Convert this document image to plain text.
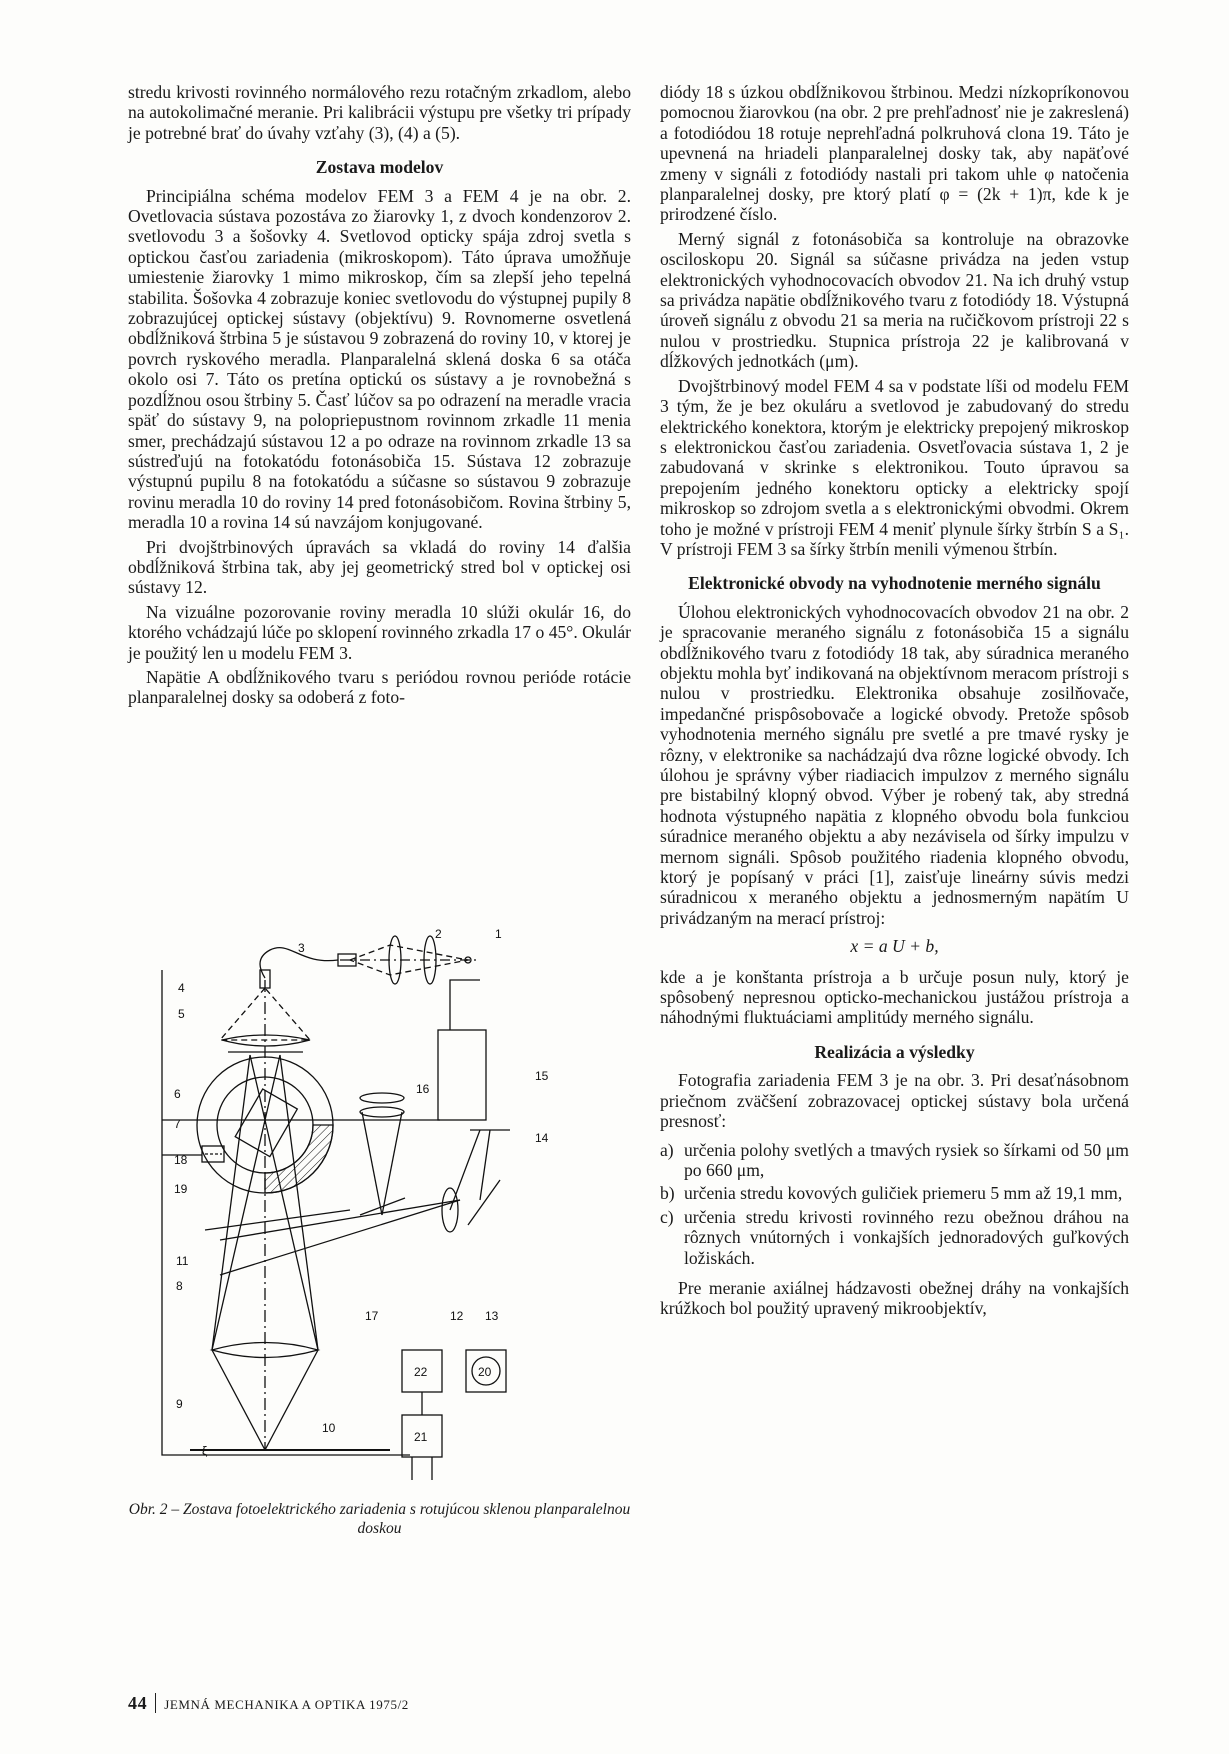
stredu krivosti rovinného normálového rezu rotačným zrkadlom, alebo na autokolimačné meranie. Pri kalibrácii výstupu pre všetky tri prípady je potrebné brať do úvahy vzťahy (3), (4) a (5).

Zostava modelov

Principiálna schéma modelov FEM 3 a FEM 4 je na obr. 2. Ovetlovacia sústava pozostáva zo žiarovky 1, z dvoch kondenzorov 2. svetlovodu 3 a šošovky 4. Svetlovod opticky spája zdroj svetla s optickou časťou zariadenia (mikroskopom). Táto úprava umožňuje umiestenie žiarovky 1 mimo mikroskop, čím sa zlepší jeho tepelná stabilita. Šošovka 4 zobrazuje koniec svetlovodu do výstupnej pupily 8 zobrazujúcej optickej sústavy (objektívu) 9. Rovnomerne osvetlená obdĺžniková štrbina 5 je sústavou 9 zobrazená do roviny 10, v ktorej je povrch ryskového meradla. Planparalelná sklená doska 6 sa otáča okolo osi 7. Táto os pretína optickú os sústavy a je rovnobežná s pozdĺžnou osou štrbiny 5. Časť lúčov sa po odrazení na meradle vracia späť do sústavy 9, na polopriepustnom rovinnom zrkadle 11 menia smer, prechádzajú sústavou 12 a po odraze na rovinnom zrkadle 13 sa sústreďujú na fotokatódu fotonásobiča 15. Sústava 12 zobrazuje výstupnú pupilu 8 na fotokatódu a súčasne so sústavou 9 zobrazuje rovinu meradla 10 do roviny 14 pred fotonásobičom. Rovina štrbiny 5, meradla 10 a rovina 14 sú navzájom konjugované.

Pri dvojštrbinových úpravách sa vkladá do roviny 14 ďalšia obdĺžniková štrbina tak, aby jej geometrický stred bol v optickej osi sústavy 12.

Na vizuálne pozorovanie roviny meradla 10 slúži okulár 16, do ktorého vchádzajú lúče po sklopení rovinného zrkadla 17 o 45°. Okulár je použitý len u modelu FEM 3.

Napätie A obdĺžnikového tvaru s periódou rovnou perióde rotácie planparalelnej dosky sa odoberá z foto-

1
2
3
4
5
6
7
8
9
10
11
12 13
14
15
16
17
18
19
20
21
22
ξ
Obr. 2 – Zostava fotoelektrického zariadenia s rotujúcou sklenou planparalelnou doskou

diódy 18 s úzkou obdĺžnikovou štrbinou. Medzi nízkopríkonovou pomocnou žiarovkou (na obr. 2 pre prehľadnosť nie je zakreslená) a fotodiódou 18 rotuje neprehľadná polkruhová clona 19. Táto je upevnená na hriadeli planparalelnej dosky tak, aby napäťové zmeny v signáli z fotodiódy nastali pri takom uhle φ natočenia planparalelnej dosky, pre ktorý platí φ = (2k + 1)π, kde k je prirodzené číslo.

Merný signál z fotonásobiča sa kontroluje na obrazovke osciloskopu 20. Signál sa súčasne privádza na jeden vstup elektronických vyhodnocovacích obvodov 21. Na ich druhý vstup sa privádza napätie obdĺžnikového tvaru z fotodiódy 18. Výstupná úroveň signálu z obvodu 21 sa meria na ručičkovom prístroji 22 s nulou v prostriedku. Stupnica prístroja 22 je kalibrovaná v dĺžkových jednotkách (μm).

Dvojštrbinový model FEM 4 sa v podstate líši od modelu FEM 3 tým, že je bez okuláru a svetlovod je zabudovaný do stredu elektrického konektora, ktorým je elektricky prepojený mikroskop s elektronickou časťou zariadenia. Osvetľovacia sústava 1, 2 je zabudovaná v skrinke s elektronikou. Touto úpravou sa prepojením jedného konektoru opticky a elektricky spojí mikroskop so zdrojom svetla a s elektronickými obvodmi. Okrem toho je možné v prístroji FEM 4 meniť plynule šírky štrbín S a S₁. V prístroji FEM 3 sa šírky štrbín menili výmenou štrbín.

Elektronické obvody na vyhodnotenie merného signálu

Úlohou elektronických vyhodnocovacích obvodov 21 na obr. 2 je spracovanie meraného signálu z fotonásobiča 15 a signálu obdĺžnikového tvaru z fotodiódy 18 tak, aby súradnica meraného objektu mohla byť indikovaná na objektívnom meracom prístroji s nulou v prostriedku. Elektronika obsahuje zosilňovače, impedančné prispôsobovače a logické obvody. Pretože spôsob vyhodnotenia merného signálu pre svetlé a pre tmavé rysky je rôzny, v elektronike sa nachádzajú dva rôzne logické obvody. Ich úlohou je správny výber riadiacich impulzov z merného signálu pre bistabilný klopný obvod. Výber je robený tak, aby stredná hodnota výstupného napätia z klopného obvodu bola funkciou súradnice meraného objektu a aby nezávisela od šírky impulzu v mernom signáli. Spôsob použitého riadenia klopného obvodu, ktorý je popísaný v práci [1], zaisťuje lineárny súvis medzi súradnicou x meraného objektu a jednosmerným napätím U privádzaným na merací prístroj:

x = a U + b,

kde a je konštanta prístroja a b určuje posun nuly, ktorý je spôsobený nepresnou opticko-mechanickou justážou prístroja a náhodnými fluktuáciami amplitúdy merného signálu.

Realizácia a výsledky

Fotografia zariadenia FEM 3 je na obr. 3. Pri desaťnásobnom priečnom zväčšení zobrazovacej optickej sústavy bola určená presnosť:

a) určenia polohy svetlých a tmavých rysiek so šírkami od 50 μm po 660 μm,
b) určenia stredu kovových guličiek priemeru 5 mm až 19,1 mm,
c) určenia stredu krivosti rovinného rezu obežnou dráhou na rôznych vnútorných i vonkajších jednoradových guľkových ložiskách.

Pre meranie axiálnej hádzavosti obežnej dráhy na vonkajších krúžkoch bol použitý upravený mikroobjektív,

44 JEMNÁ MECHANIKA A OPTIKA 1975/2
